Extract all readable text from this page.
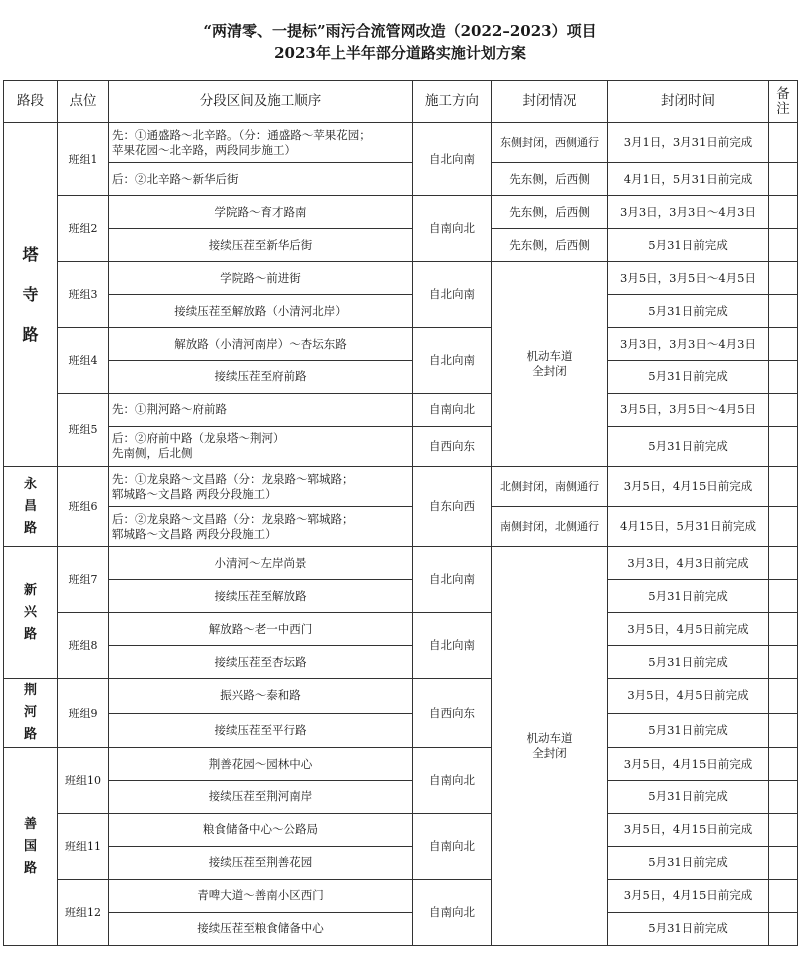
“两清零、一提标”雨污合流管网改造（2022–2023）项目
2023年上半年部分道路实施计划方案
路段	点位	分段区间及施工顺序	施工方向	封闭情况	封闭时间	备注
塔
寺
路	班组1	先：①通盛路～北辛路。（分：通盛路～苹果花园；
苹果花园～北辛路，两段同步施工）	自北向南	东侧封闭，西侧通行	3月1日，3月31日前完成	
		后：②北辛路～新华后街		先东侧，后西侧	4月1日，5月31日前完成	
	班组2	学院路～育才路南	自南向北	先东侧，后西侧	3月3日，3月3日～4月3日	
		接续压茬至新华后街		先东侧，后西侧	5月31日前完成	
	班组3	学院路～前进街	自北向南	机动车道
全封闭	3月5日，3月5日～4月5日	
		接续压茬至解放路（小清河北岸）			5月31日前完成	
	班组4	解放路（小清河南岸）～杏坛东路	自北向南		3月3日，3月3日～4月3日	
		接续压茬至府前路			5月31日前完成	
	班组5	先：①荆河路～府前路	自南向北		3月5日，3月5日～4月5日	
		后：②府前中路（龙泉塔～荆河）
先南侧，后北侧	自西向东		5月31日前完成	
永
昌
路	班组6	先：①龙泉路～文昌路（分：龙泉路～郓城路；
郓城路～文昌路 两段分段施工）	自东向西	北侧封闭，南侧通行	3月5日，4月15日前完成	
		后：②龙泉路～文昌路（分：龙泉路～郓城路；
郓城路～文昌路 两段分段施工）		南侧封闭，北侧通行	4月15日，5月31日前完成	
新
兴
路	班组7	小清河～左岸尚景	自北向南	机动车道
全封闭	3月3日，4月3日前完成	
		接续压茬至解放路			5月31日前完成	
	班组8	解放路～老一中西门	自北向南		3月5日，4月5日前完成	
		接续压茬至杏坛路			5月31日前完成	
荆
河
路	班组9	振兴路～泰和路	自西向东		3月5日，4月5日前完成	
		接续压茬至平行路			5月31日前完成	
善
国
路	班组10	荆善花园～园林中心	自南向北		3月5日，4月15日前完成	
		接续压茬至荆河南岸			5月31日前完成	
	班组11	粮食储备中心～公路局	自南向北		3月5日，4月15日前完成	
		接续压茬至荆善花园			5月31日前完成	
	班组12	青啤大道～善南小区西门	自南向北		3月5日，4月15日前完成	
		接续压茬至粮食储备中心			5月31日前完成	
